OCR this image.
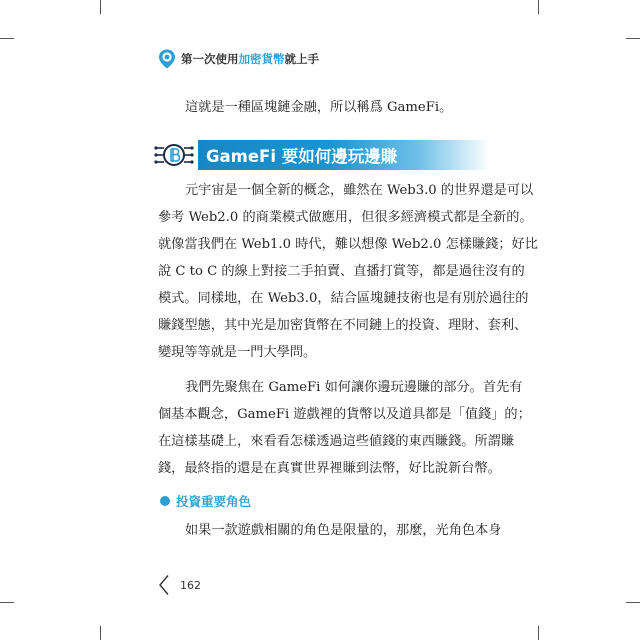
第一次使用加密貨幣就上手
這就是一種區塊鏈金融，所以稱爲 GameFi。
GameFi 要如何邊玩邊賺
元宇宙是一個全新的概念，雖然在 Web3.0 的世界還是可以
參考 Web2.0 的商業模式做應用，但很多經濟模式都是全新的。
就像當我們在 Web1.0 時代，難以想像 Web2.0 怎樣賺錢；好比
說 C to C 的線上對接二手拍賣、直播打賞等，都是過往沒有的
模式。同樣地，在 Web3.0，結合區塊鏈技術也是有別於過往的
賺錢型態，其中光是加密貨幣在不同鏈上的投資、理財、套利、
變現等等就是一門大學問。
我們先聚焦在 GameFi 如何讓你邊玩邊賺的部分。首先有
個基本觀念，GameFi 遊戲裡的貨幣以及道具都是「值錢」的；
在這樣基礎上，來看看怎樣透過這些値錢的東西賺錢。所謂賺
錢，最終指的還是在真實世界裡賺到法幣，好比說新台幣。
投資重要角色
如果一款遊戲相關的角色是限量的，那麼，光角色本身
162
